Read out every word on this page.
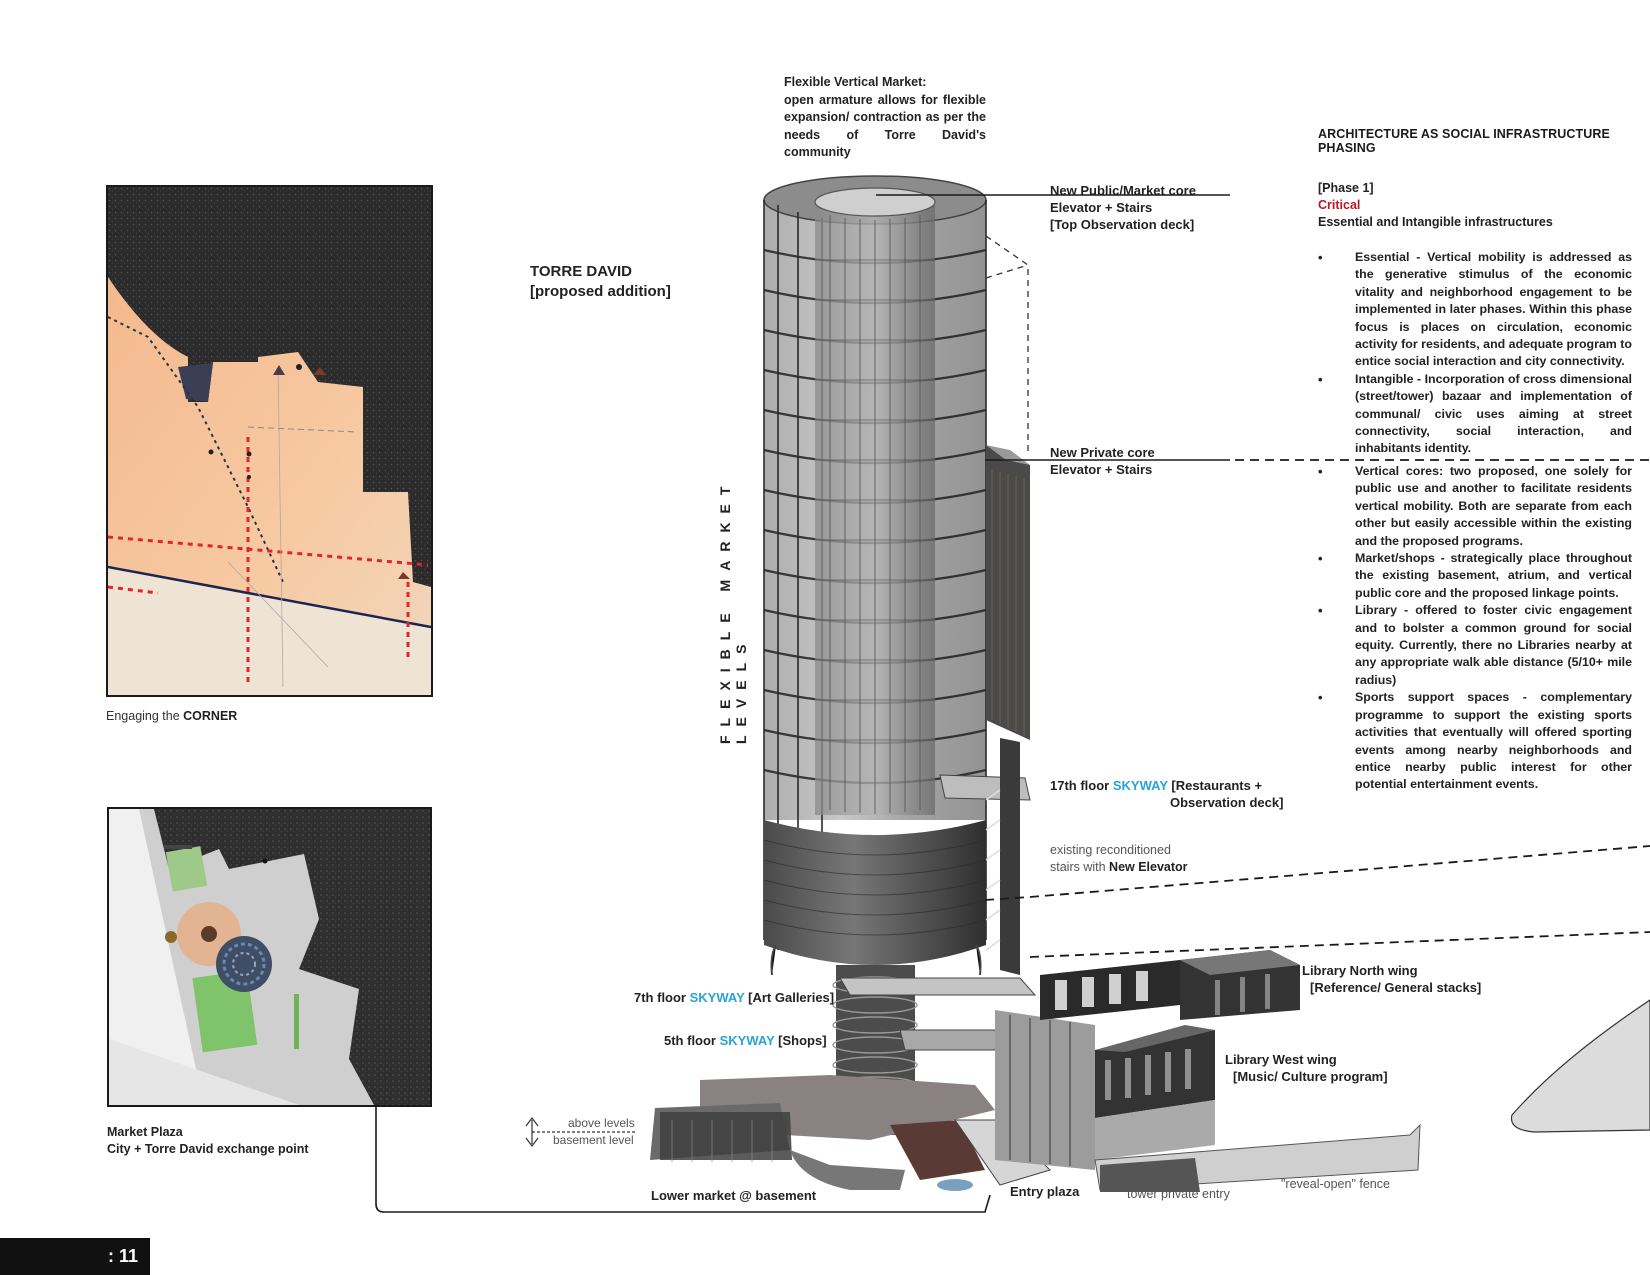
Engaging the CORNER
Market Plaza
City + Torre David exchange point
Flexible Vertical Market:
open armature allows for flexible expansion/ contraction as per the needs of Torre David's community
TORRE DAVID
[proposed addition]
FLEXIBLE MARKET LEVELS
New Public/Market core
Elevator + Stairs
[Top Observation deck]
New Private core
Elevator + Stairs
17th floor SKYWAY [Restaurants +
Observation deck]
existing reconditioned
stairs with New Elevator
7th floor SKYWAY [Art Galleries]
5th floor SKYWAY [Shops]
Library North wing
[Reference/ General stacks]
Library West wing
[Music/ Culture program]
above levels
basement level
Lower market @ basement	Entry plaza	tower private entry
"reveal-open" fence
ARCHITECTURE AS SOCIAL INFRASTRUCTURE PHASING
[Phase 1]
Critical
Essential and Intangible infrastructures
•	Essential - Vertical mobility is addressed as the generative stimulus of the economic vitality and neighborhood engagement to be implemented in later phases. Within this phase focus is places on circulation, economic activity for residents, and adequate program to entice social interaction and city connectivity.
•	Intangible - Incorporation of cross dimensional (street/tower) bazaar and implementation of communal/ civic uses aiming at street connectivity, social interaction, and inhabitants identity.
•	Vertical cores: two proposed, one solely for public use and another to facilitate residents vertical mobility. Both are separate from each other but easily accessible within the existing and the proposed programs.
•	Market/shops - strategically place throughout the existing basement, atrium, and vertical public core and the proposed linkage points.
•	Library - offered to foster civic engagement and to bolster a common ground for social equity. Currently, there no Libraries nearby at any appropriate walk able distance (5/10+ mile radius)
•	Sports support spaces - complementary programme to support the existing sports activities that eventually will offered sporting events among nearby neighborhoods and entice nearby public interest for other potential entertainment events.
: 11
